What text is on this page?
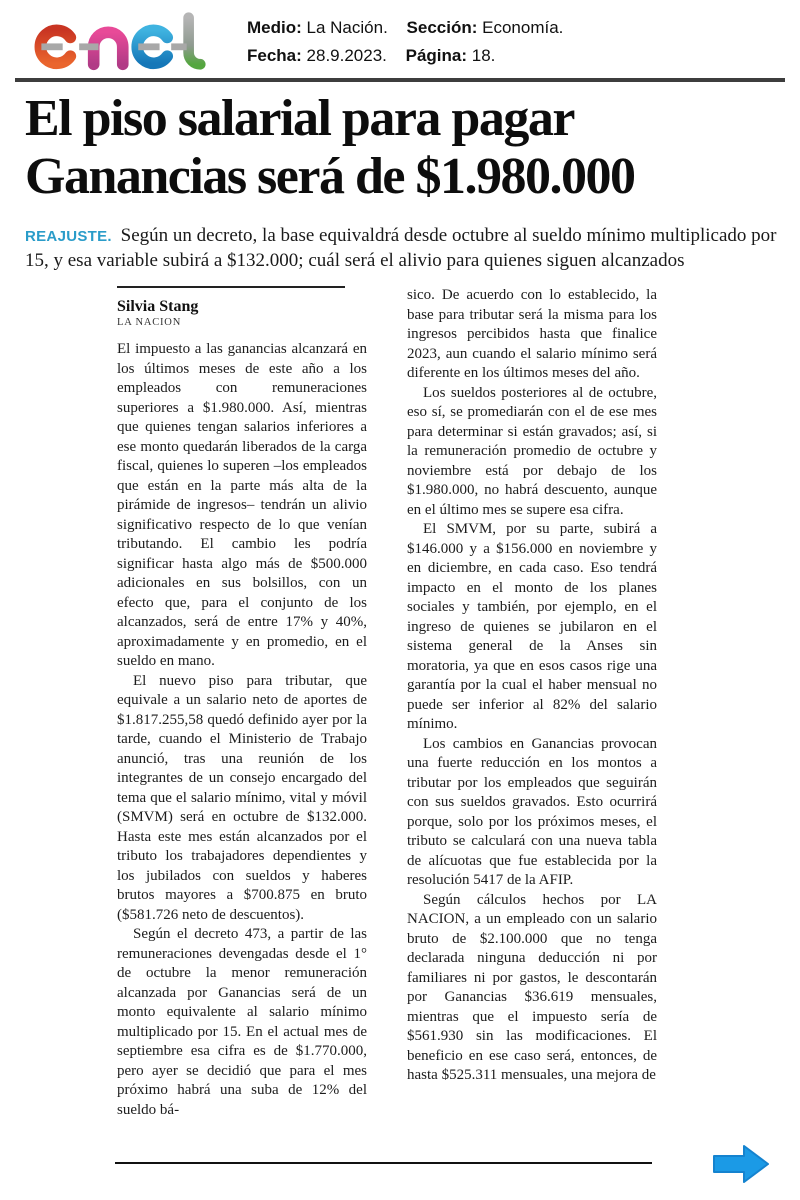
Medio: La Nación. Sección: Economía.
Fecha: 28.9.2023. Página: 18.
El piso salarial para pagar
Ganancias será de $1.980.000

REAJUSTE. Según un decreto, la base equivaldrá desde octubre al sueldo mínimo multiplicado por 15, y esa variable subirá a $132.000; cuál será el alivio para quienes siguen alcanzados

Silvia Stang
LA NACION

El impuesto a las ganancias alcanzará en los últimos meses de este año a los empleados con remuneraciones superiores a $1.980.000. Así, mientras que quienes tengan salarios inferiores a ese monto quedarán liberados de la carga fiscal, quienes lo superen –los empleados que están en la parte más alta de la pirámide de ingresos– tendrán un alivio significativo respecto de lo que venían tributando. El cambio les podría significar hasta algo más de $500.000 adicionales en sus bolsillos, con un efecto que, para el conjunto de los alcanzados, será de entre 17% y 40%, aproximadamente y en promedio, en el sueldo en mano.

El nuevo piso para tributar, que equivale a un salario neto de aportes de $1.817.255,58 quedó definido ayer por la tarde, cuando el Ministerio de Trabajo anunció, tras una reunión de los integrantes de un consejo encargado del tema que el salario mínimo, vital y móvil (SMVM) será en octubre de $132.000. Hasta este mes están alcanzados por el tributo los trabajadores dependientes y los jubilados con sueldos y haberes brutos mayores a $700.875 en bruto ($581.726 neto de descuentos).

Según el decreto 473, a partir de las remuneraciones devengadas desde el 1° de octubre la menor remuneración alcanzada por Ganancias será de un monto equivalente al salario mínimo multiplicado por 15. En el actual mes de septiembre esa cifra es de $1.770.000, pero ayer se decidió que para el mes próximo habrá una suba de 12% del sueldo bá-

sico. De acuerdo con lo establecido, la base para tributar será la misma para los ingresos percibidos hasta que finalice 2023, aun cuando el salario mínimo será diferente en los últimos meses del año.

Los sueldos posteriores al de octubre, eso sí, se promediarán con el de ese mes para determinar si están gravados; así, si la remuneración promedio de octubre y noviembre está por debajo de los $1.980.000, no habrá descuento, aunque en el último mes se supere esa cifra.

El SMVM, por su parte, subirá a $146.000 y a $156.000 en noviembre y en diciembre, en cada caso. Eso tendrá impacto en el monto de los planes sociales y también, por ejemplo, en el ingreso de quienes se jubilaron en el sistema general de la Anses sin moratoria, ya que en esos casos rige una garantía por la cual el haber mensual no puede ser inferior al 82% del salario mínimo.

Los cambios en Ganancias provocan una fuerte reducción en los montos a tributar por los empleados que seguirán con sus sueldos gravados. Esto ocurrirá porque, solo por los próximos meses, el tributo se calculará con una nueva tabla de alícuotas que fue establecida por la resolución 5417 de la AFIP.

Según cálculos hechos por LA NACION, a un empleado con un salario bruto de $2.100.000 que no tenga declarada ninguna deducción ni por familiares ni por gastos, le descontarán por Ganancias $36.619 mensuales, mientras que el impuesto sería de $561.930 sin las modificaciones. El beneficio en ese caso será, entonces, de hasta $525.311 mensuales, una mejora de
